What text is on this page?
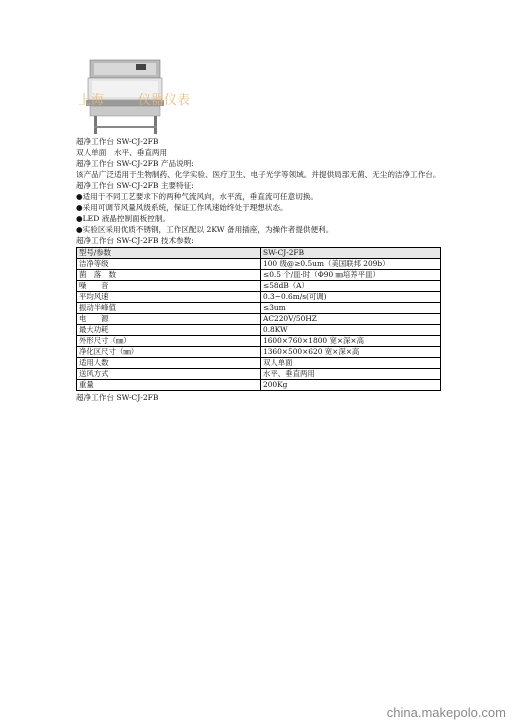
上海	仪器仪表
超净工作台 SW-CJ-2FB
双人单面　水平、垂直两用
超净工作台 SW-CJ-2FB 产品说明:
该产品广泛适用于生物制药、化学实验、医疗卫生、电子光学等领域。并提供局部无菌、无尘的洁净工作台。
超净工作台 SW-CJ-2FB 主要特征:
●适用于不同工艺要求下的两种气流风向，水平流，垂直流可任意切换。
●采用可调节风量风级系统，保证工作风速始终处于理想状态。
●LED 液晶控制面板控制。
●实验区采用优质不锈钢，工作区配以 2KW 备用插座，为操作者提供便利。
超净工作台 SW-CJ-2FB 技术参数:
型号/参数	SW-CJ-2FB
洁净等级	100 级@≥0.5um（美国联邦 209b）
菌　落　数	≤0.5 个/皿·时（Φ90 ㎜培养平皿）
噪　　音	≤58dB（A）
平均风速	0.3~0.6m/s(可调)
振动半峰值	≤3um
电　　源	AC220V/50HZ
最大功耗	0.8KW
外形尺寸（㎜）	1600×760×1800 宽×深×高
净化区尺寸（㎜）	1360×500×620 宽×深×高
适用人数	双人单面
送风方式	水平、垂直两用
重量	200Kg
超净工作台 SW-CJ-2FB
china.makepolo.com
